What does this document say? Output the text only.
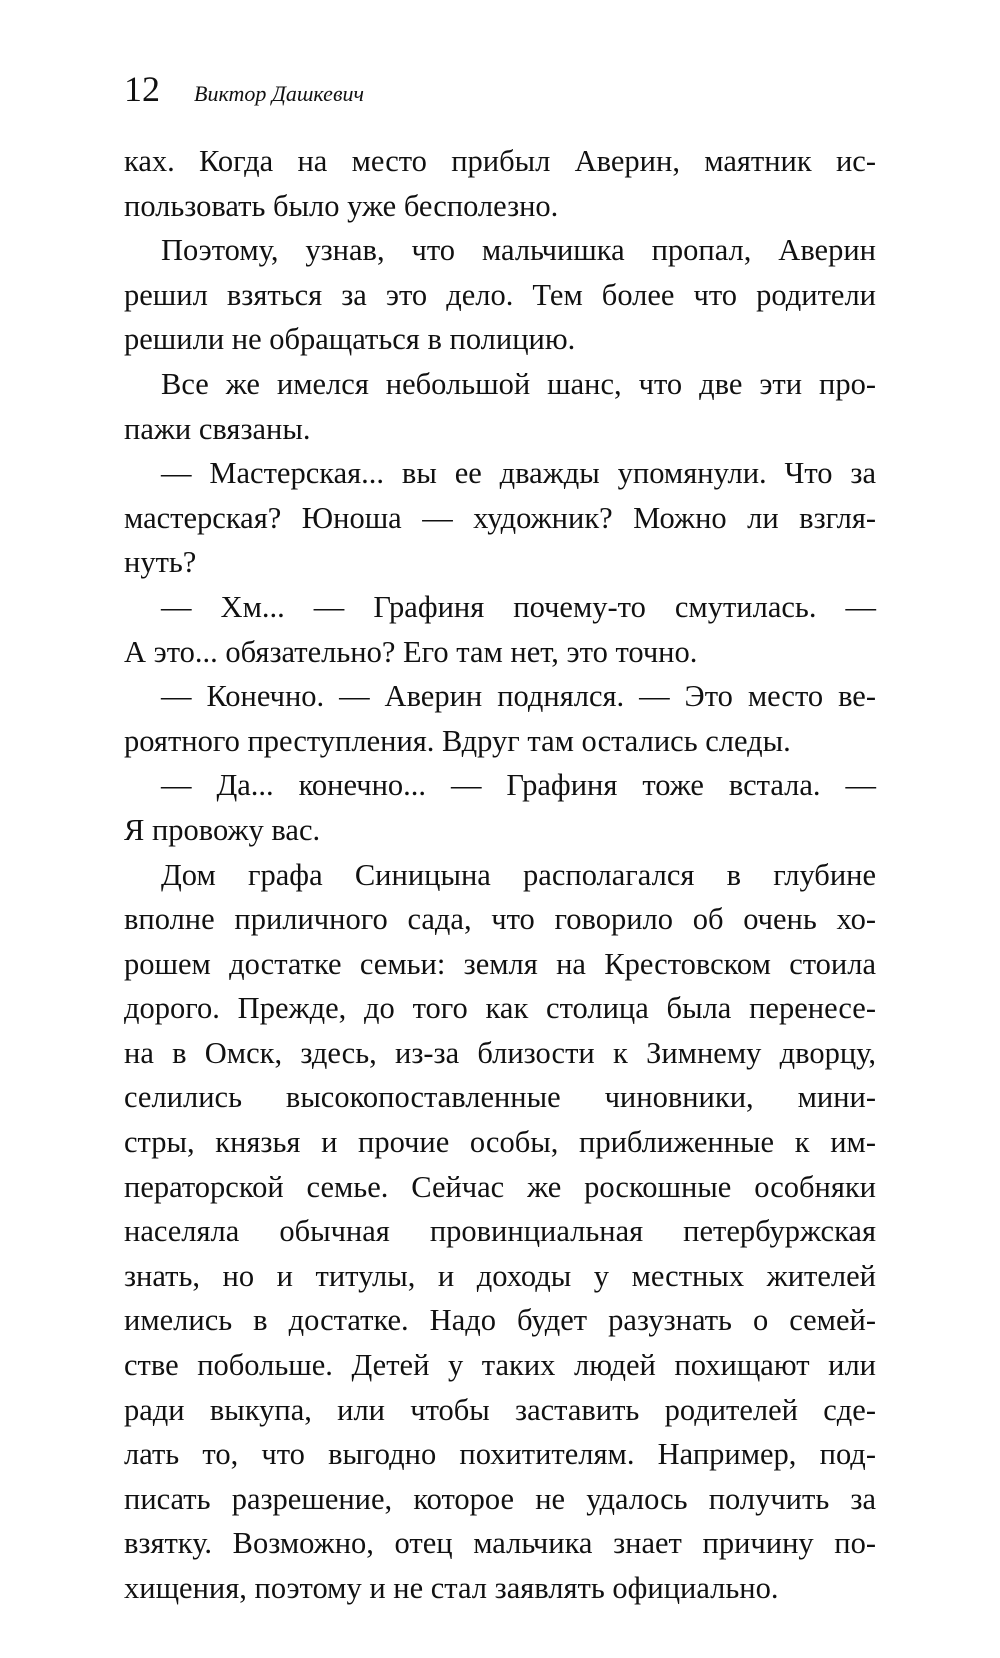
12 Виктор Дашкевич
ках. Когда на место прибыл Аверин, маятник ис-
пользовать было уже бесполезно.
Поэтому, узнав, что мальчишка пропал, Аверин
решил взяться за это дело. Тем более что родители
решили не обращаться в полицию.
Все же имелся небольшой шанс, что две эти про-
пажи связаны.
— Мастерская... вы ее дважды упомянули. Что за
мастерская? Юноша — художник? Можно ли взгля-
нуть?
— Хм... — Графиня почему-то смутилась. —
А это... обязательно? Его там нет, это точно.
— Конечно. — Аверин поднялся. — Это место ве-
роятного преступления. Вдруг там остались следы.
— Да... конечно... — Графиня тоже встала. —
Я провожу вас.
Дом графа Синицына располагался в глубине
вполне приличного сада, что говорило об очень хо-
рошем достатке семьи: земля на Крестовском стоила
дорого. Прежде, до того как столица была перенесе-
на в Омск, здесь, из-за близости к Зимнему дворцу,
селились высокопоставленные чиновники, мини-
стры, князья и прочие особы, приближенные к им-
ператорской семье. Сейчас же роскошные особняки
населяла обычная провинциальная петербуржская
знать, но и титулы, и доходы у местных жителей
имелись в достатке. Надо будет разузнать о семей-
стве побольше. Детей у таких людей похищают или
ради выкупа, или чтобы заставить родителей сде-
лать то, что выгодно похитителям. Например, под-
писать разрешение, которое не удалось получить за
взятку. Возможно, отец мальчика знает причину по-
хищения, поэтому и не стал заявлять официально.
